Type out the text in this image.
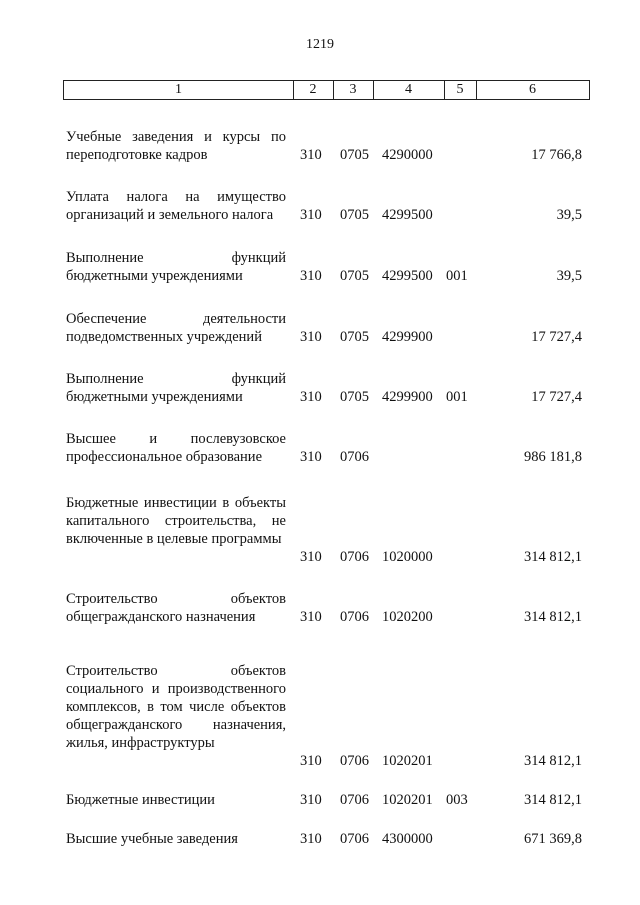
1219
1	2	3	4	5	6
Учебные заведения и курсы по переподготовке кадров	310 0705 4290000	17 766,8
Уплата налога на имущество организаций и земельного налога	310 0705 4299500	39,5
Выполнение функций бюджетными учреждениями	310 0705 4299500 001	39,5
Обеспечение деятельности подведомственных учреждений	310 0705 4299900	17 727,4
Выполнение функций бюджетными учреждениями	310 0705 4299900 001	17 727,4
Высшее и послевузовское профессиональное образование	310 0706	986 181,8
Бюджетные инвестиции в объекты капитального строительства, не включенные в целевые программы
310 0706 1020000	314 812,1
Строительство объектов общегражданского назначения	310 0706 1020200	314 812,1
Строительство объектов социального и производственного комплексов, в том числе объектов общегражданского назначения, жилья, инфраструктуры
310 0706 1020201	314 812,1
Бюджетные инвестиции	310 0706 1020201 003	314 812,1
Высшие учебные заведения	310 0706 4300000	671 369,8
